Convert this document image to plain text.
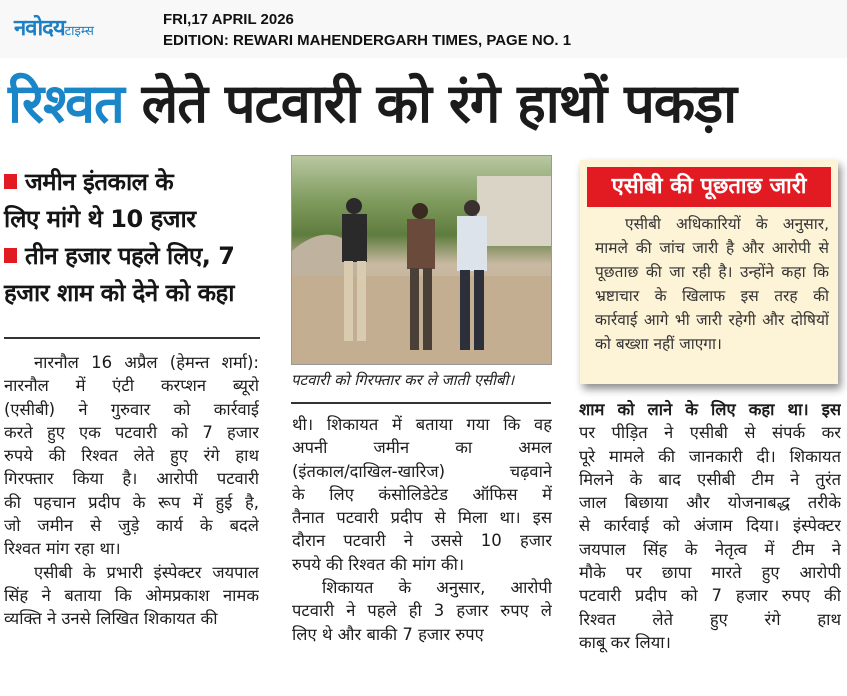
नवोदयटाइम्स
FRI,17 APRIL 2026
EDITION: REWARI MAHENDERGARH TIMES, PAGE NO. 1
रिश्वत लेते पटवारी को रंगे हाथों पकड़ा
जमीन इंतकाल के
लिए मांगे थे 10 हजार
तीन हजार पहले लिए, 7
हजार शाम को देने को कहा
पटवारी को गिरफ्तार कर ले जाती एसीबी।
एसीबी की पूछताछ जारी
एसीबी अधिकारियों के अनुसार,
मामले की जांच जारी है और आरोपी से
पूछताछ की जा रही है। उन्होंने कहा कि
भ्रष्टाचार के खिलाफ इस तरह की
कार्रवाई आगे भी जारी रहेगी और दोषियों
को बख्शा नहीं जाएगा।
नारनौल 16 अप्रैल (हेमन्त शर्मा):
नारनौल में एंटी करप्शन ब्यूरो
(एसीबी) ने गुरुवार को कार्रवाई
करते हुए एक पटवारी को 7 हजार
रुपये की रिश्वत लेते हुए रंगे हाथ
गिरफ्तार किया है। आरोपी पटवारी
की पहचान प्रदीप के रूप में हुई है,
जो जमीन से जुड़े कार्य के बदले
रिश्वत मांग रहा था।
एसीबी के प्रभारी इंस्पेक्टर जयपाल
सिंह ने बताया कि ओमप्रकाश नामक
व्यक्ति ने उनसे लिखित शिकायत की
थी। शिकायत में बताया गया कि वह
अपनी जमीन का अमल
(इंतकाल/दाखिल-खारिज) चढ़वाने
के लिए कंसोलिडेटेड ऑफिस में
तैनात पटवारी प्रदीप से मिला था। इस
दौरान पटवारी ने उससे 10 हजार
रुपये की रिश्वत की मांग की।
शिकायत के अनुसार, आरोपी
पटवारी ने पहले ही 3 हजार रुपए ले
लिए थे और बाकी 7 हजार रुपए
शाम को लाने के लिए कहा था। इस
पर पीड़ित ने एसीबी से संपर्क कर
पूरे मामले की जानकारी दी। शिकायत
मिलने के बाद एसीबी टीम ने तुरंत
जाल बिछाया और योजनाबद्ध तरीके
से कार्रवाई को अंजाम दिया। इंस्पेक्टर
जयपाल सिंह के नेतृत्व में टीम ने
मौके पर छापा मारते हुए आरोपी
पटवारी प्रदीप को 7 हजार रुपए की
रिश्वत लेते हुए रंगे हाथ
काबू कर लिया।
